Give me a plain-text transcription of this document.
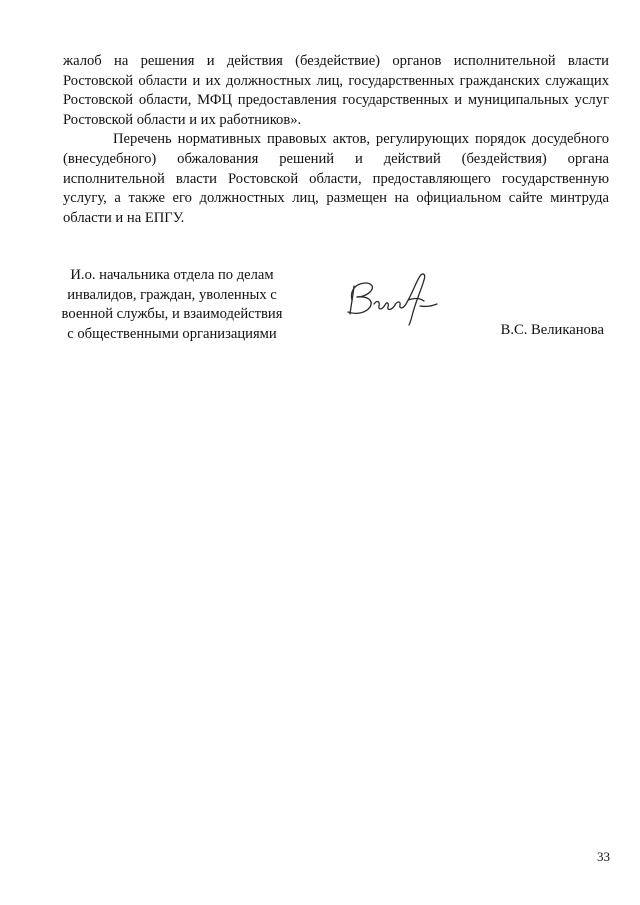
жалоб на решения и действия (бездействие) органов исполнительной власти Ростовской области и их должностных лиц, государственных гражданских служащих Ростовской области, МФЦ предоставления государственных и муниципальных услуг Ростовской области и их работников».

Перечень нормативных правовых актов, регулирующих порядок досудебного (внесудебного) обжалования решений и действий (бездействия) органа исполнительной власти Ростовской области, предоставляющего государственную услугу, а также его должностных лиц, размещен на официальном сайте минтруда области и на ЕПГУ.

И.о. начальника отдела по делам
инвалидов, граждан, уволенных с
военной службы, и взаимодействия
с общественными организациями	В.С. Великанова
33
